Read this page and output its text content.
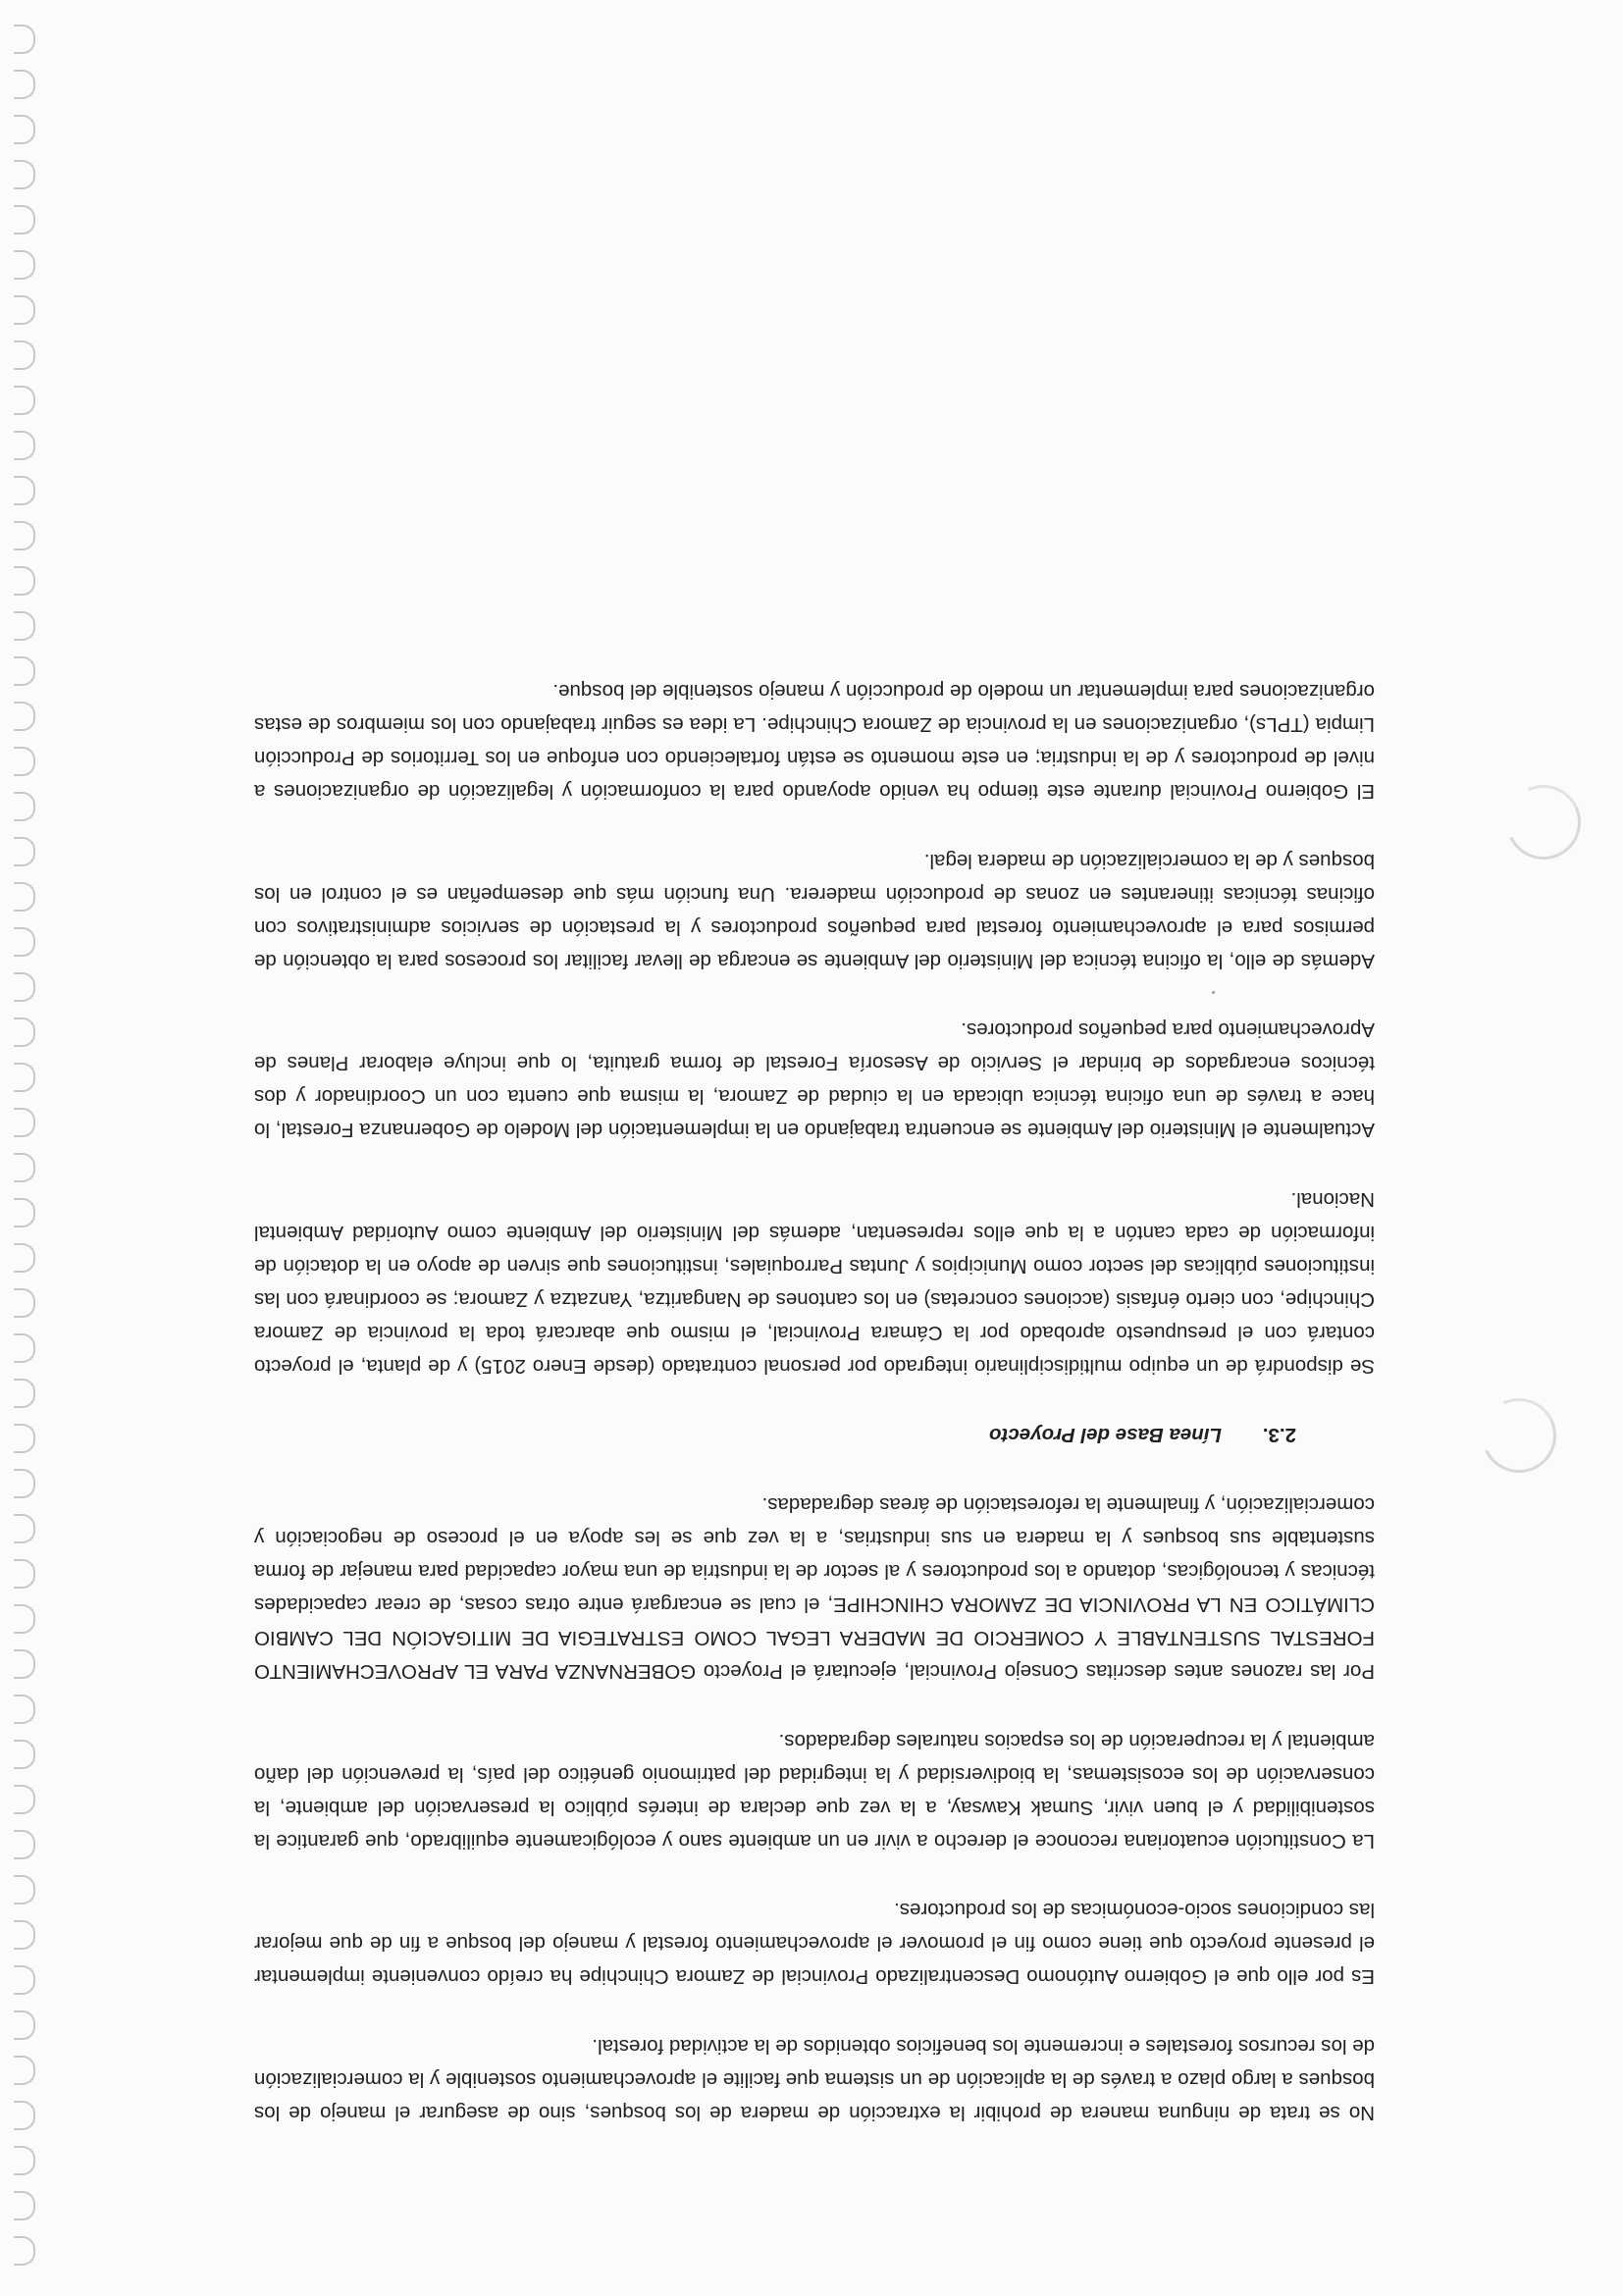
No se trata de ninguna manera de prohibir la extracción de madera de los bosques, sino de asegurar el manejo de los bosques a largo plazo a través de la aplicación de un sistema que facilite el aprovechamiento sostenible y la comercialización de los recursos forestales e incremente los beneficios obtenidos de la actividad forestal.

Es por ello que el Gobierno Autónomo Descentralizado Provincial de Zamora Chinchipe ha creído conveniente implementar el presente proyecto que tiene como fin el promover el aprovechamiento forestal y manejo del bosque a fin de que mejorar las condiciones socio-económicas de los productores.

La Constitución ecuatoriana reconoce el derecho a vivir en un ambiente sano y ecológicamente equilibrado, que garantice la sostenibilidad y el buen vivir, Sumak Kawsay, a la vez que declara de interés público la preservación del ambiente, la conservación de los ecosistemas, la biodiversidad y la integridad del patrimonio genético del país, la prevención del daño ambiental y la recuperación de los espacios naturales degradados.

Por las razones antes descritas Consejo Provincial, ejecutará el Proyecto GOBERNANZA PARA EL APROVECHAMIENTO FORESTAL SUSTENTABLE Y COMERCIO DE MADERA LEGAL COMO ESTRATEGIA DE MITIGACIÓN DEL CAMBIO CLIMÁTICO EN LA PROVINCIA DE ZAMORA CHINCHIPE, el cual se encargará entre otras cosas, de crear capacidades técnicas y tecnológicas, dotando a los productores y al sector de la industria de una mayor capacidad para manejar de forma sustentable sus bosques y la madera en sus industrias, a la vez que se les apoya en el proceso de negociación y comercialización, y finalmente la reforestación de áreas degradadas.

2.3.Línea Base del Proyecto

Se dispondrá de un equipo multidisciplinario integrado por personal contratado (desde Enero 2015) y de planta, el proyecto contará con el presupuesto aprobado por la Cámara Provincial, el mismo que abarcará toda la provincia de Zamora Chinchipe, con cierto énfasis (acciones concretas) en los cantones de Nangaritza, Yanzatza y Zamora; se coordinará con las instituciones públicas del sector como Municipios y Juntas Parroquiales, instituciones que sirven de apoyo en la dotación de información de cada cantón a la que ellos representan, además del Ministerio del Ambiente como Autoridad Ambiental Nacional.

Actualmente el Ministerio del Ambiente se encuentra trabajando en la implementación del Modelo de Gobernanza Forestal, lo hace a través de una oficina técnica ubicada en la ciudad de Zamora, la misma que cuenta con un Coordinador y dos técnicos encargados de brindar el Servicio de Asesoría Forestal de forma gratuita, lo que incluye elaborar Planes de Aprovechamiento para pequeños productores.

Además de ello, la oficina técnica del Ministerio del Ambiente se encarga de llevar facilitar los procesos para la obtención de permisos para el aprovechamiento forestal para pequeños productores y la prestación de servicios administrativos con oficinas técnicas itinerantes en zonas de producción maderera. Una función más que desempeñan es el control en los bosques y de la comercialización de madera legal.

El Gobierno Provincial durante este tiempo ha venido apoyando para la conformación y legalización de organizaciones a nivel de productores y de la industria; en este momento se están fortaleciendo con enfoque en los Territorios de Producción Limpia (TPLs), organizaciones en la provincia de Zamora Chinchipe. La idea es seguir trabajando con los miembros de estas organizaciones para implementar un modelo de producción y manejo sostenible del bosque.
